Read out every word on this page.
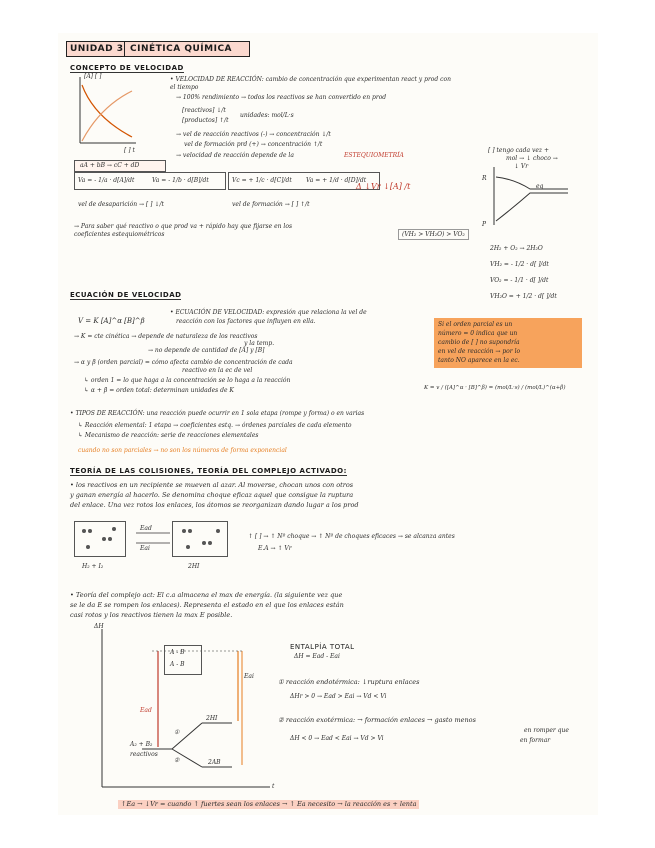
UNIDAD 3 CINÉTICA QUÍMICA
CONCEPTO DE VELOCIDAD
[A] [ ]
[ ] t
• VELOCIDAD DE REACCIÓN: cambio de concentración que experimentan react y prod con
el tiempo
→ 100% rendimiento → todos los reactivos se han convertido en prod
[reactivos] ↓/t
[productos] ↑/t
unidades: mol/L·s
→ vel de reacción reactivos (-) → concentración ↓/t
vel de formación prd (+) → concentración ↑/t
→ velocidad de reacción depende de la	ESTEQUIOMETRÍA
aA + bB → cC + dD
Va = - 1/a · d[A]/dt	Va = - 1/b · d[B]/dt	Vc = + 1/c · d[C]/dt Va = + 1/d · d[D]/dt
vel de desaparición → [ ] ↓/t	vel de formación → [ ] ↑/t
Δ ↓Vr ↓[A] /t
→ Para saber qué reactivo o que prod va + rápido hay que fijarse en los
coeficientes estequiométricos	(VH₂ > VH₂O) > VO₂
[ ] tengo cada vez +
mol → ↓ choco →
↓ Vr
R
eq
P
2H₂ + O₂ → 2H₂O
VH₂ = - 1/2 · d[ ]/dt
VO₂ = - 1/1 · d[ ]/dt
VH₂O = + 1/2 · d[ ]/dt
ECUACIÓN DE VELOCIDAD
V = K [A]^α [B]^β
• ECUACIÓN DE VELOCIDAD: expresión que relaciona la vel de
reacción con los factores que influyen en ella.
→ K = cte cinética → depende de naturaleza de los reactivos
y la temp.
→ no depende de cantidad de [A] y [B]
→ α y β (orden parcial) = cómo afecta cambio de concentración de cada
reactivo en la ec de vel
↳ orden 1 = lo que haga a la concentración se lo haga a la reacción
↳ α + β = orden total: determinan unidades de K	K = v / ([A]^α · [B]^β) = (mol/L·s) / (mol/L)^(α+β)
Si el orden parcial es un
número = 0 indica que un
cambio de [ ] no supondría
en vel de reacción → por lo
tanto NO aparece en la ec.
• TIPOS DE REACCIÓN: una reacción puede ocurrir en 1 sola etapa (rompe y forma) o en varias
↳ Reacción elemental: 1 etapa → coeficientes estq. → órdenes parciales de cada elemento
↳ Mecanismo de reacción: serie de reacciones elementales
cuando no son parciales → no son los números de forma exponencial
TEORÍA DE LAS COLISIONES, TEORÍA DEL COMPLEJO ACTIVADO:
• los reactivos en un recipiente se mueven al azar. Al moverse, chocan unos con otros
y ganan energía al hacerlo. Se denomina choque eficaz aquel que consigue la ruptura
del enlace. Una vez rotos los enlaces, los átomos se reorganizan dando lugar a los prod
Ead
Eai
H₂ + I₂	2HI
↑ [ ] → ↑ Nº choque → ↑ Nº de choques eficaces → se alcanza antes
E.A → ↑ Vr
• Teoría del complejo act: El c.a almacena el max de energía. (la siguiente vez que
se le da E se rompen los enlaces). Representa el estado en el que los enlaces están
casi rotos y los reactivos tienen la max E posible.
A - B
A - B
ΔH
t
Ead
Eai
2HI
2AB
A₂ + B₂
reactivos
①
②
ENTALPÍA TOTAL
ΔH = Ead - Eai
① reacción endotérmica: ↓ruptura enlaces
ΔHr > 0 → Ead > Eai → Vd < Vi
② reacción exotérmica: → formación enlaces → gasto menos
en romper que
en formar
ΔH < 0 → Ead < Eai → Vd > Vi
↑Ea → ↓Vr = cuando ↑ fuertes sean los enlaces → ↑ Ea necesito → la reacción es + lenta
